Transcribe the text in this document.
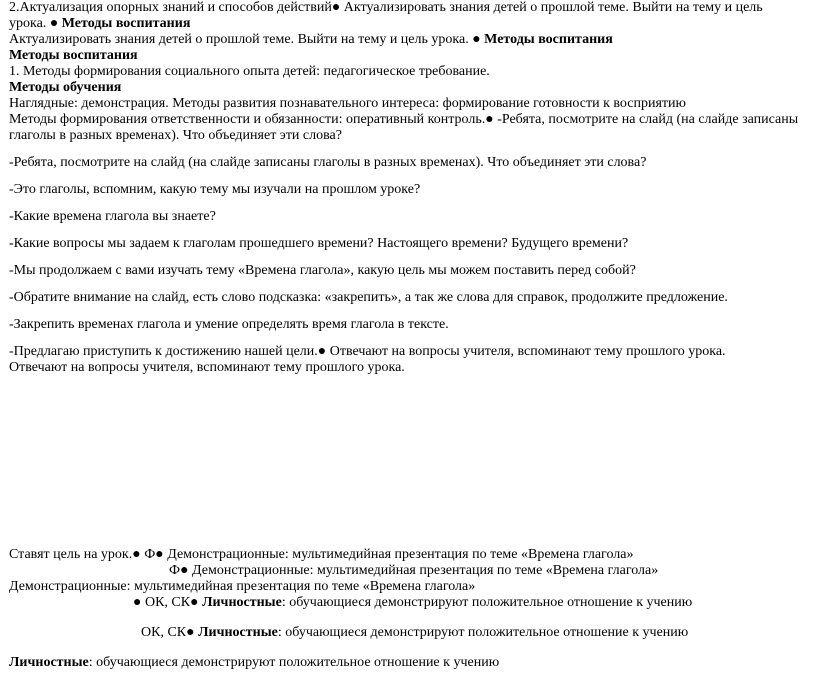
2.Актуализация опорных знаний и способов действий● Актуализировать знания детей о прошлой теме. Выйти на тему и цель
урока. ● Методы воспитания
Актуализировать знания детей о прошлой теме. Выйти на тему и цель урока. ● Методы воспитания
Методы воспитания
1. Методы формирования социального опыта детей: педагогическое требование.
Методы обучения
Наглядные: демонстрация. Методы развития познавательного интереса: формирование готовности к восприятию
Методы формирования ответственности и обязанности: оперативный контроль.● -Ребята, посмотрите на слайд (на слайде записаны
глаголы в разных временах). Что объединяет эти слова?
-Ребята, посмотрите на слайд (на слайде записаны глаголы в разных временах). Что объединяет эти слова?
-Это глаголы, вспомним, какую тему мы изучали на прошлом уроке?
-Какие времена глагола вы знаете?
-Какие вопросы мы задаем к глаголам прошедшего времени? Настоящего времени? Будущего времени?
-Мы продолжаем с вами изучать тему «Времена глагола», какую цель мы можем поставить перед собой?
-Обратите внимание на слайд, есть слово подсказка: «закрепить», а так же слова для справок, продолжите предложение.
-Закрепить временах глагола и умение определять время глагола в тексте.
-Предлагаю приступить к достижению нашей цели.● Отвечают на вопросы учителя, вспоминают тему прошлого урока.
Отвечают на вопросы учителя, вспоминают тему прошлого урока.
Ставят цель на урок.● Ф● Демонстрационные: мультимедийная презентация по теме «Времена глагола»
Ф● Демонстрационные: мультимедийная презентация по теме «Времена глагола»
Демонстрационные: мультимедийная презентация по теме «Времена глагола»
● ОК, СК● Личностные: обучающиеся демонстрируют положительное отношение к учению
ОК, СК● Личностные: обучающиеся демонстрируют положительное отношение к учению
Личностные: обучающиеся демонстрируют положительное отношение к учению
